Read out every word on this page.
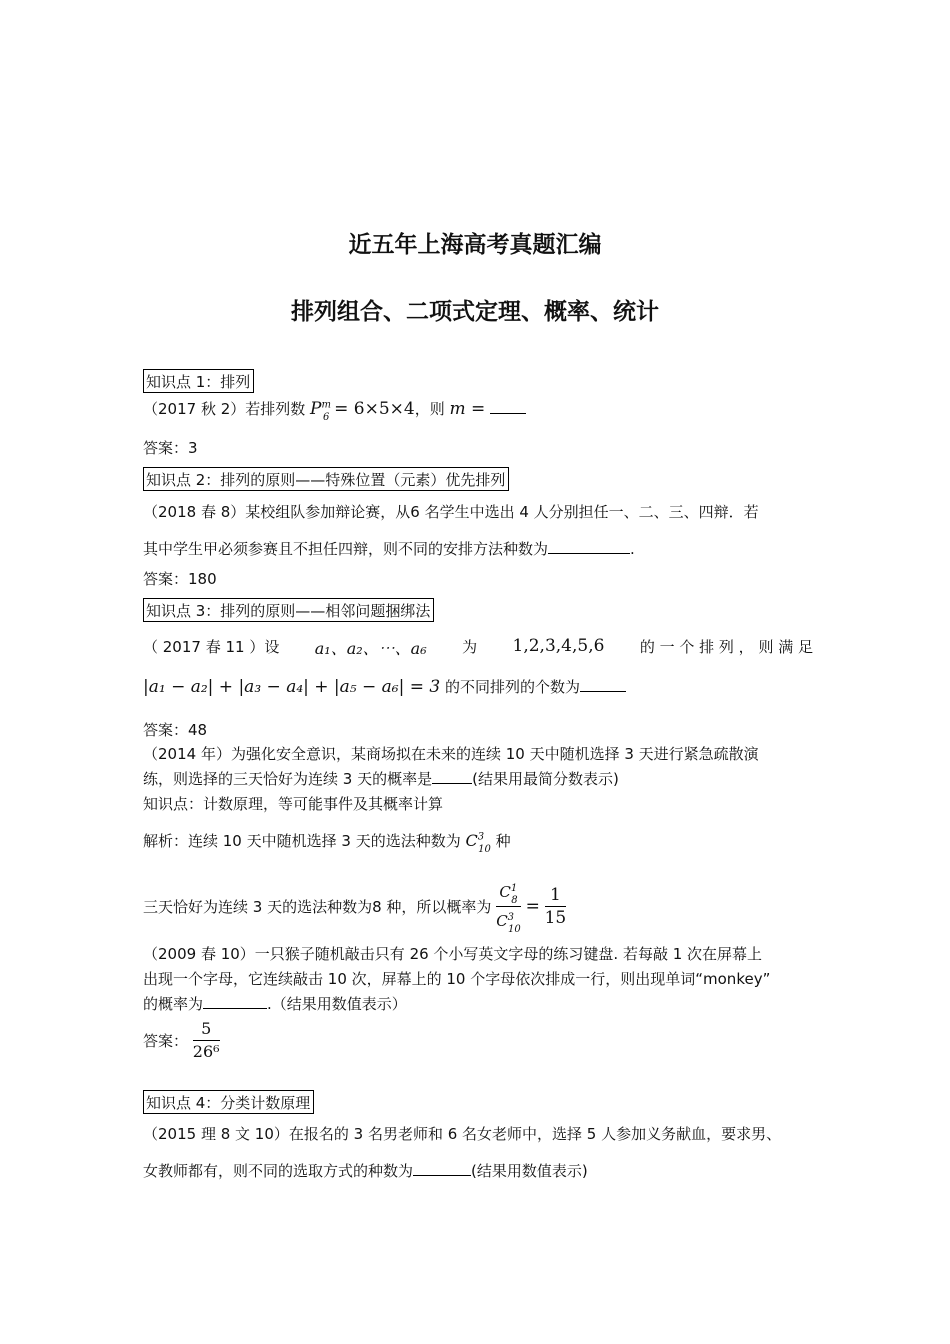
近五年上海高考真题汇编
排列组合、二项式定理、概率、统计
知识点 1：排列
（2017 秋 2）若排列数 $P^m_6 = 6\times 5\times 4$，则 m =
答案：3
知识点 2：排列的原则——特殊位置（元素）优先排列
（2018 春 8）某校组队参加辩论赛，从6 名学生中选出 4 人分别担任一、二、三、四辩．若
其中学生甲必须参赛且不担任四辩，则不同的安排方法种数为	.
答案：180
知识点 3：排列的原则——相邻问题捆绑法
（ 2017 春 11 ）设 a₁、a₂、⋯、a₆ 为 1,2,3,4,5,6 的 一 个 排 列 ， 则 满 足
|a₁ − a₂| + |a₃ − a₄| + |a₅ − a₆| = 3 的不同排列的个数为
答案：48
（2014 年）为强化安全意识，某商场拟在未来的连续 10 天中随机选择 3 天进行紧急疏散演
练，则选择的三天恰好为连续 3 天的概率是	(结果用最简分数表示)
知识点：计数原理，等可能事件及其概率计算
解析：连续 10 天中随机选择 3 天的选法种数为 $C^3_{10}$ 种
三天恰好为连续 3 天的选法种数为8 种，所以概率为 $\frac{C^1_8}{C^3_{10}} = \frac{1}{15}$
（2009 春 10）一只猴子随机敲击只有 26 个小写英文字母的练习键盘. 若每敲 1 次在屏幕上
出现一个字母，它连续敲击 10 次，屏幕上的 10 个字母依次排成一行，则出现单词“monkey”
的概率为	.（结果用数值表示）
答案： $\frac{5}{\text{26⁶}}$
知识点 4：分类计数原理
（2015 理 8 文 10）在报名的 3 名男老师和 6 名女老师中，选择 5 人参加义务献血，要求男、
女教师都有，则不同的选取方式的种数为	(结果用数值表示)
